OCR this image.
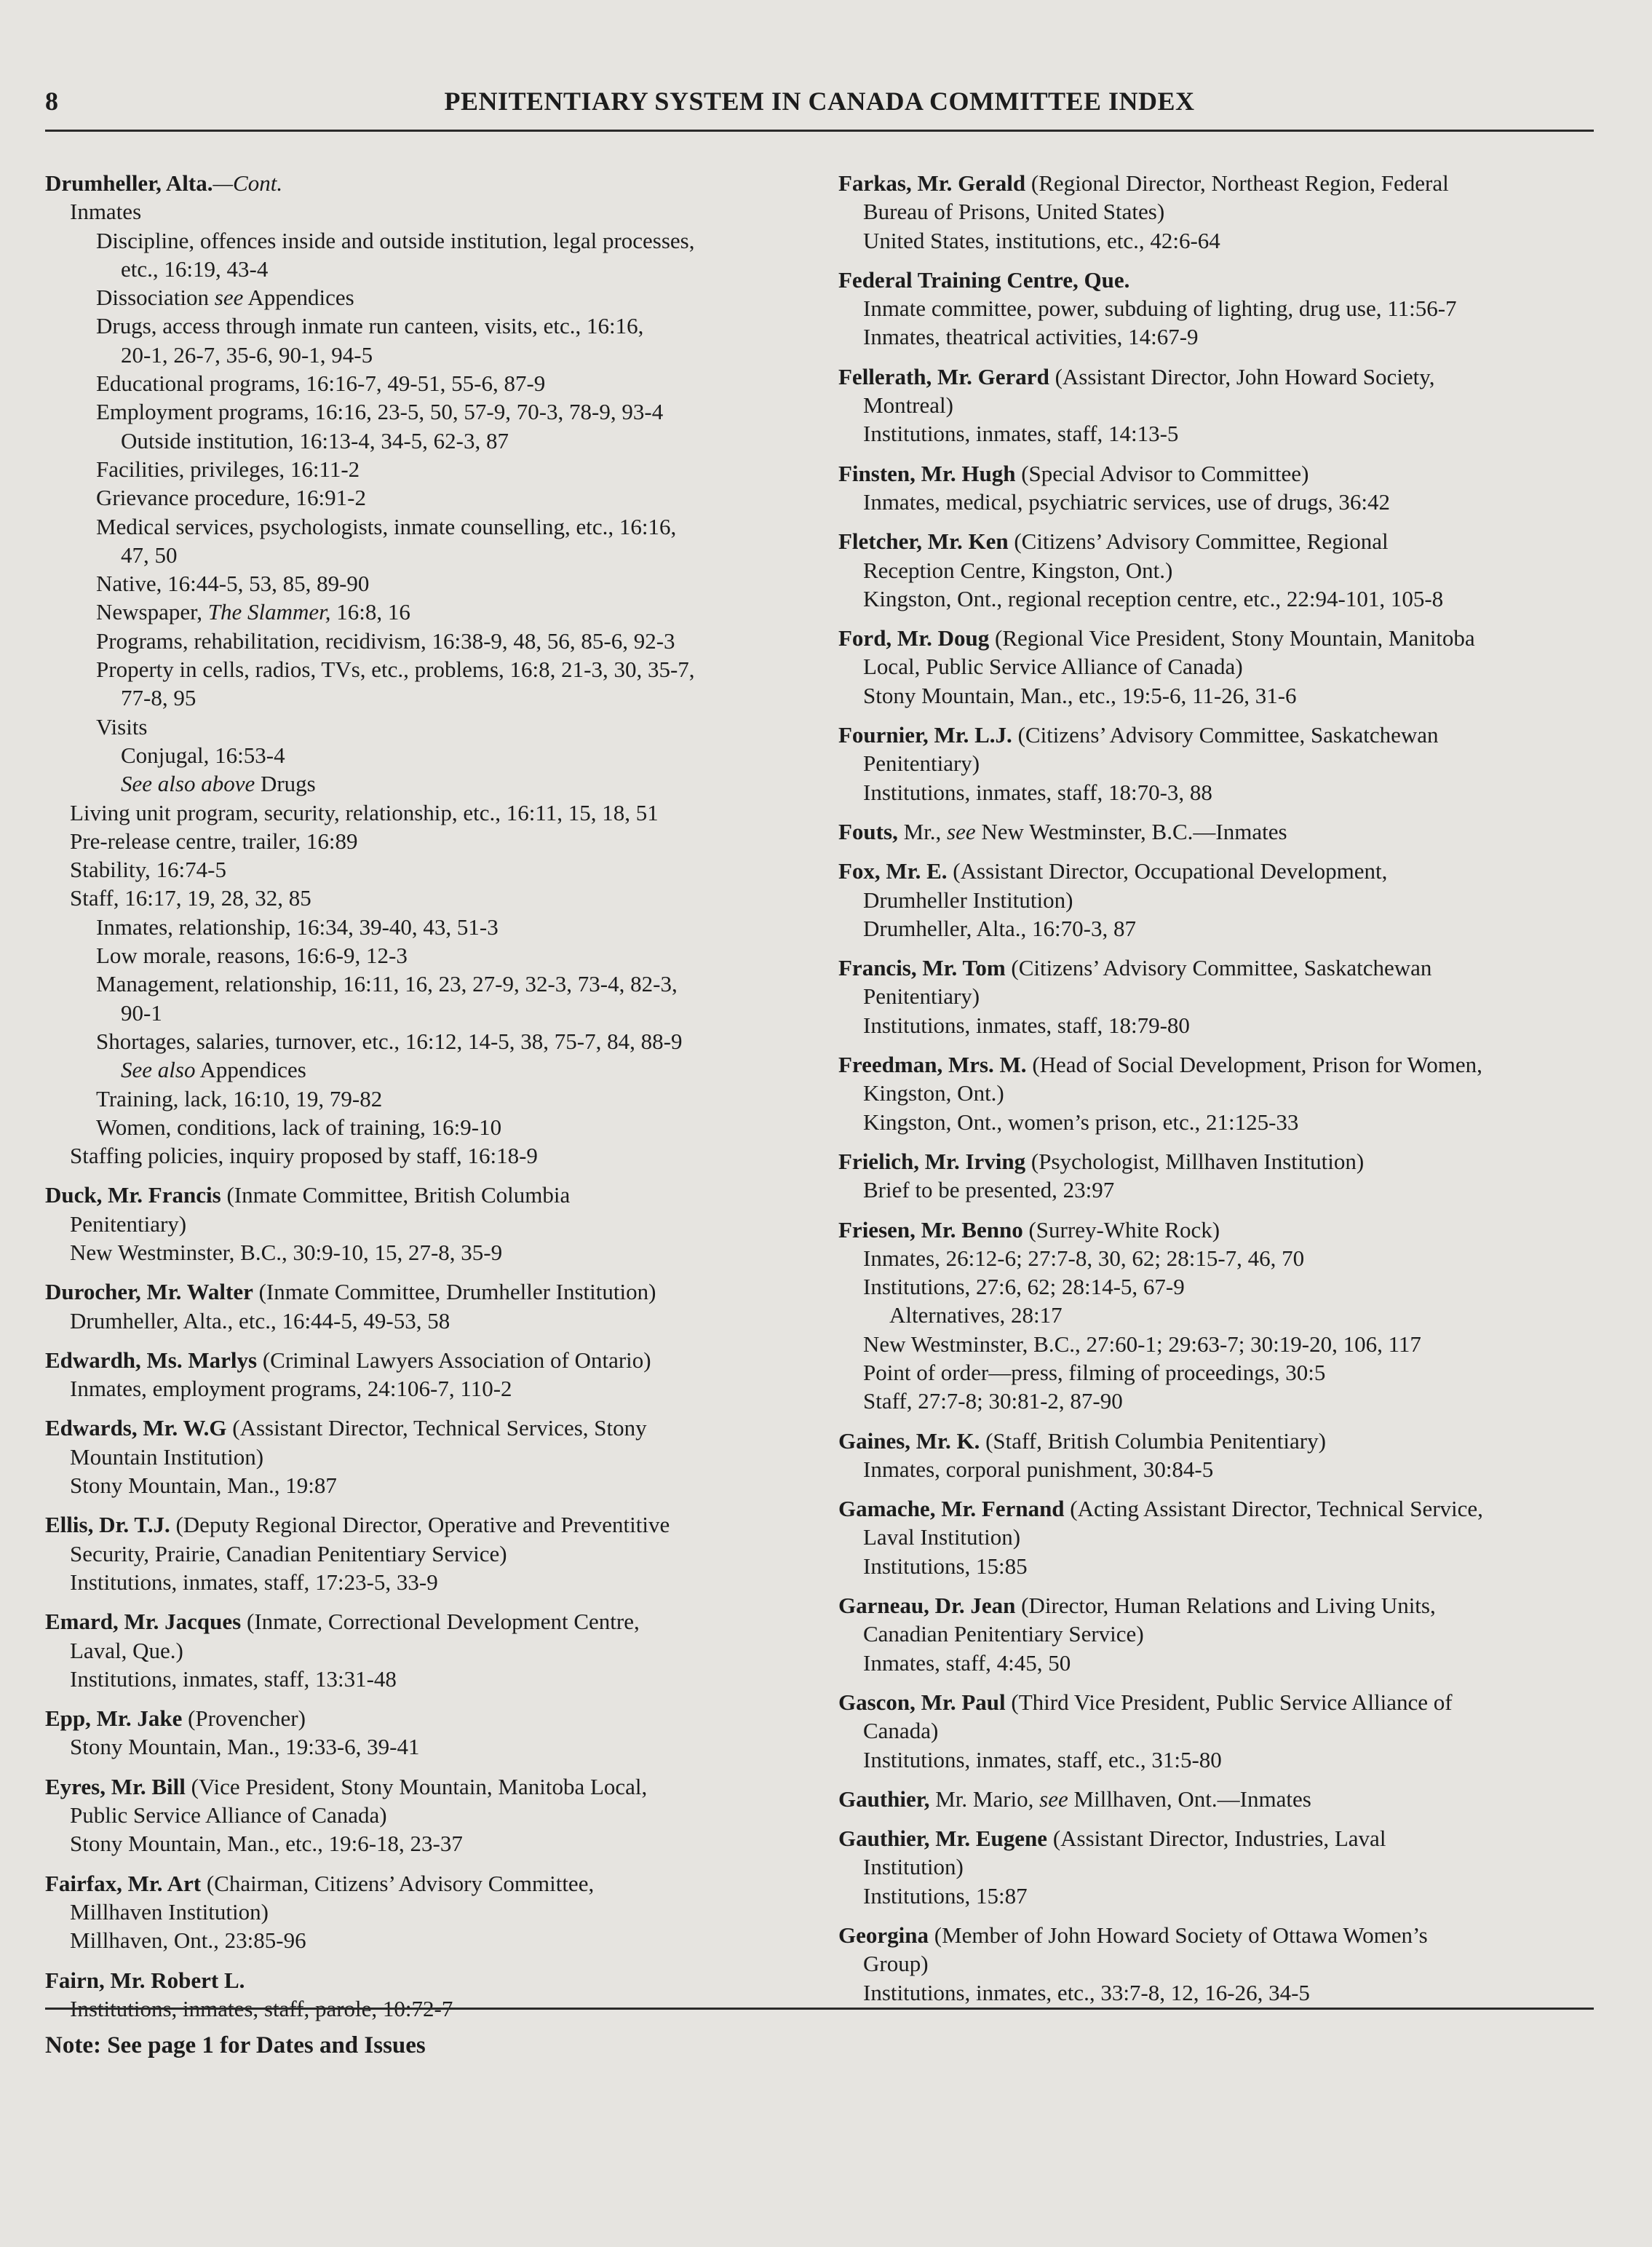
8	PENITENTIARY SYSTEM IN CANADA COMMITTEE INDEX
Drumheller, Alta.—Cont.
Inmates
Discipline, offences inside and outside institution, legal processes,
etc., 16:19, 43-4
Dissociation see Appendices
Drugs, access through inmate run canteen, visits, etc., 16:16,
20-1, 26-7, 35-6, 90-1, 94-5
Educational programs, 16:16-7, 49-51, 55-6, 87-9
Employment programs, 16:16, 23-5, 50, 57-9, 70-3, 78-9, 93-4
Outside institution, 16:13-4, 34-5, 62-3, 87
Facilities, privileges, 16:11-2
Grievance procedure, 16:91-2
Medical services, psychologists, inmate counselling, etc., 16:16,
47, 50
Native, 16:44-5, 53, 85, 89-90
Newspaper, The Slammer, 16:8, 16
Programs, rehabilitation, recidivism, 16:38-9, 48, 56, 85-6, 92-3
Property in cells, radios, TVs, etc., problems, 16:8, 21-3, 30, 35-7,
77-8, 95
Visits
Conjugal, 16:53-4
See also above Drugs
Living unit program, security, relationship, etc., 16:11, 15, 18, 51
Pre-release centre, trailer, 16:89
Stability, 16:74-5
Staff, 16:17, 19, 28, 32, 85
Inmates, relationship, 16:34, 39-40, 43, 51-3
Low morale, reasons, 16:6-9, 12-3
Management, relationship, 16:11, 16, 23, 27-9, 32-3, 73-4, 82-3,
90-1
Shortages, salaries, turnover, etc., 16:12, 14-5, 38, 75-7, 84, 88-9
See also Appendices
Training, lack, 16:10, 19, 79-82
Women, conditions, lack of training, 16:9-10
Staffing policies, inquiry proposed by staff, 16:18-9
Duck, Mr. Francis (Inmate Committee, British Columbia
Penitentiary)
New Westminster, B.C., 30:9-10, 15, 27-8, 35-9
Durocher, Mr. Walter (Inmate Committee, Drumheller Institution)
Drumheller, Alta., etc., 16:44-5, 49-53, 58
Edwardh, Ms. Marlys (Criminal Lawyers Association of Ontario)
Inmates, employment programs, 24:106-7, 110-2
Edwards, Mr. W.G (Assistant Director, Technical Services, Stony
Mountain Institution)
Stony Mountain, Man., 19:87
Ellis, Dr. T.J. (Deputy Regional Director, Operative and Preventitive
Security, Prairie, Canadian Penitentiary Service)
Institutions, inmates, staff, 17:23-5, 33-9
Emard, Mr. Jacques (Inmate, Correctional Development Centre,
Laval, Que.)
Institutions, inmates, staff, 13:31-48
Epp, Mr. Jake (Provencher)
Stony Mountain, Man., 19:33-6, 39-41
Eyres, Mr. Bill (Vice President, Stony Mountain, Manitoba Local,
Public Service Alliance of Canada)
Stony Mountain, Man., etc., 19:6-18, 23-37
Fairfax, Mr. Art (Chairman, Citizens’ Advisory Committee,
Millhaven Institution)
Millhaven, Ont., 23:85-96
Fairn, Mr. Robert L.
Institutions, inmates, staff, parole, 10:72-7
Farkas, Mr. Gerald (Regional Director, Northeast Region, Federal
Bureau of Prisons, United States)
United States, institutions, etc., 42:6-64
Federal Training Centre, Que.
Inmate committee, power, subduing of lighting, drug use, 11:56-7
Inmates, theatrical activities, 14:67-9
Fellerath, Mr. Gerard (Assistant Director, John Howard Society,
Montreal)
Institutions, inmates, staff, 14:13-5
Finsten, Mr. Hugh (Special Advisor to Committee)
Inmates, medical, psychiatric services, use of drugs, 36:42
Fletcher, Mr. Ken (Citizens’ Advisory Committee, Regional
Reception Centre, Kingston, Ont.)
Kingston, Ont., regional reception centre, etc., 22:94-101, 105-8
Ford, Mr. Doug (Regional Vice President, Stony Mountain, Manitoba
Local, Public Service Alliance of Canada)
Stony Mountain, Man., etc., 19:5-6, 11-26, 31-6
Fournier, Mr. L.J. (Citizens’ Advisory Committee, Saskatchewan
Penitentiary)
Institutions, inmates, staff, 18:70-3, 88
Fouts, Mr., see New Westminster, B.C.—Inmates
Fox, Mr. E. (Assistant Director, Occupational Development,
Drumheller Institution)
Drumheller, Alta., 16:70-3, 87
Francis, Mr. Tom (Citizens’ Advisory Committee, Saskatchewan
Penitentiary)
Institutions, inmates, staff, 18:79-80
Freedman, Mrs. M. (Head of Social Development, Prison for Women,
Kingston, Ont.)
Kingston, Ont., women’s prison, etc., 21:125-33
Frielich, Mr. Irving (Psychologist, Millhaven Institution)
Brief to be presented, 23:97
Friesen, Mr. Benno (Surrey-White Rock)
Inmates, 26:12-6; 27:7-8, 30, 62; 28:15-7, 46, 70
Institutions, 27:6, 62; 28:14-5, 67-9
Alternatives, 28:17
New Westminster, B.C., 27:60-1; 29:63-7; 30:19-20, 106, 117
Point of order—press, filming of proceedings, 30:5
Staff, 27:7-8; 30:81-2, 87-90
Gaines, Mr. K. (Staff, British Columbia Penitentiary)
Inmates, corporal punishment, 30:84-5
Gamache, Mr. Fernand (Acting Assistant Director, Technical Service,
Laval Institution)
Institutions, 15:85
Garneau, Dr. Jean (Director, Human Relations and Living Units,
Canadian Penitentiary Service)
Inmates, staff, 4:45, 50
Gascon, Mr. Paul (Third Vice President, Public Service Alliance of
Canada)
Institutions, inmates, staff, etc., 31:5-80
Gauthier, Mr. Mario, see Millhaven, Ont.—Inmates
Gauthier, Mr. Eugene (Assistant Director, Industries, Laval
Institution)
Institutions, 15:87
Georgina (Member of John Howard Society of Ottawa Women’s
Group)
Institutions, inmates, etc., 33:7-8, 12, 16-26, 34-5
Note: See page 1 for Dates and Issues
